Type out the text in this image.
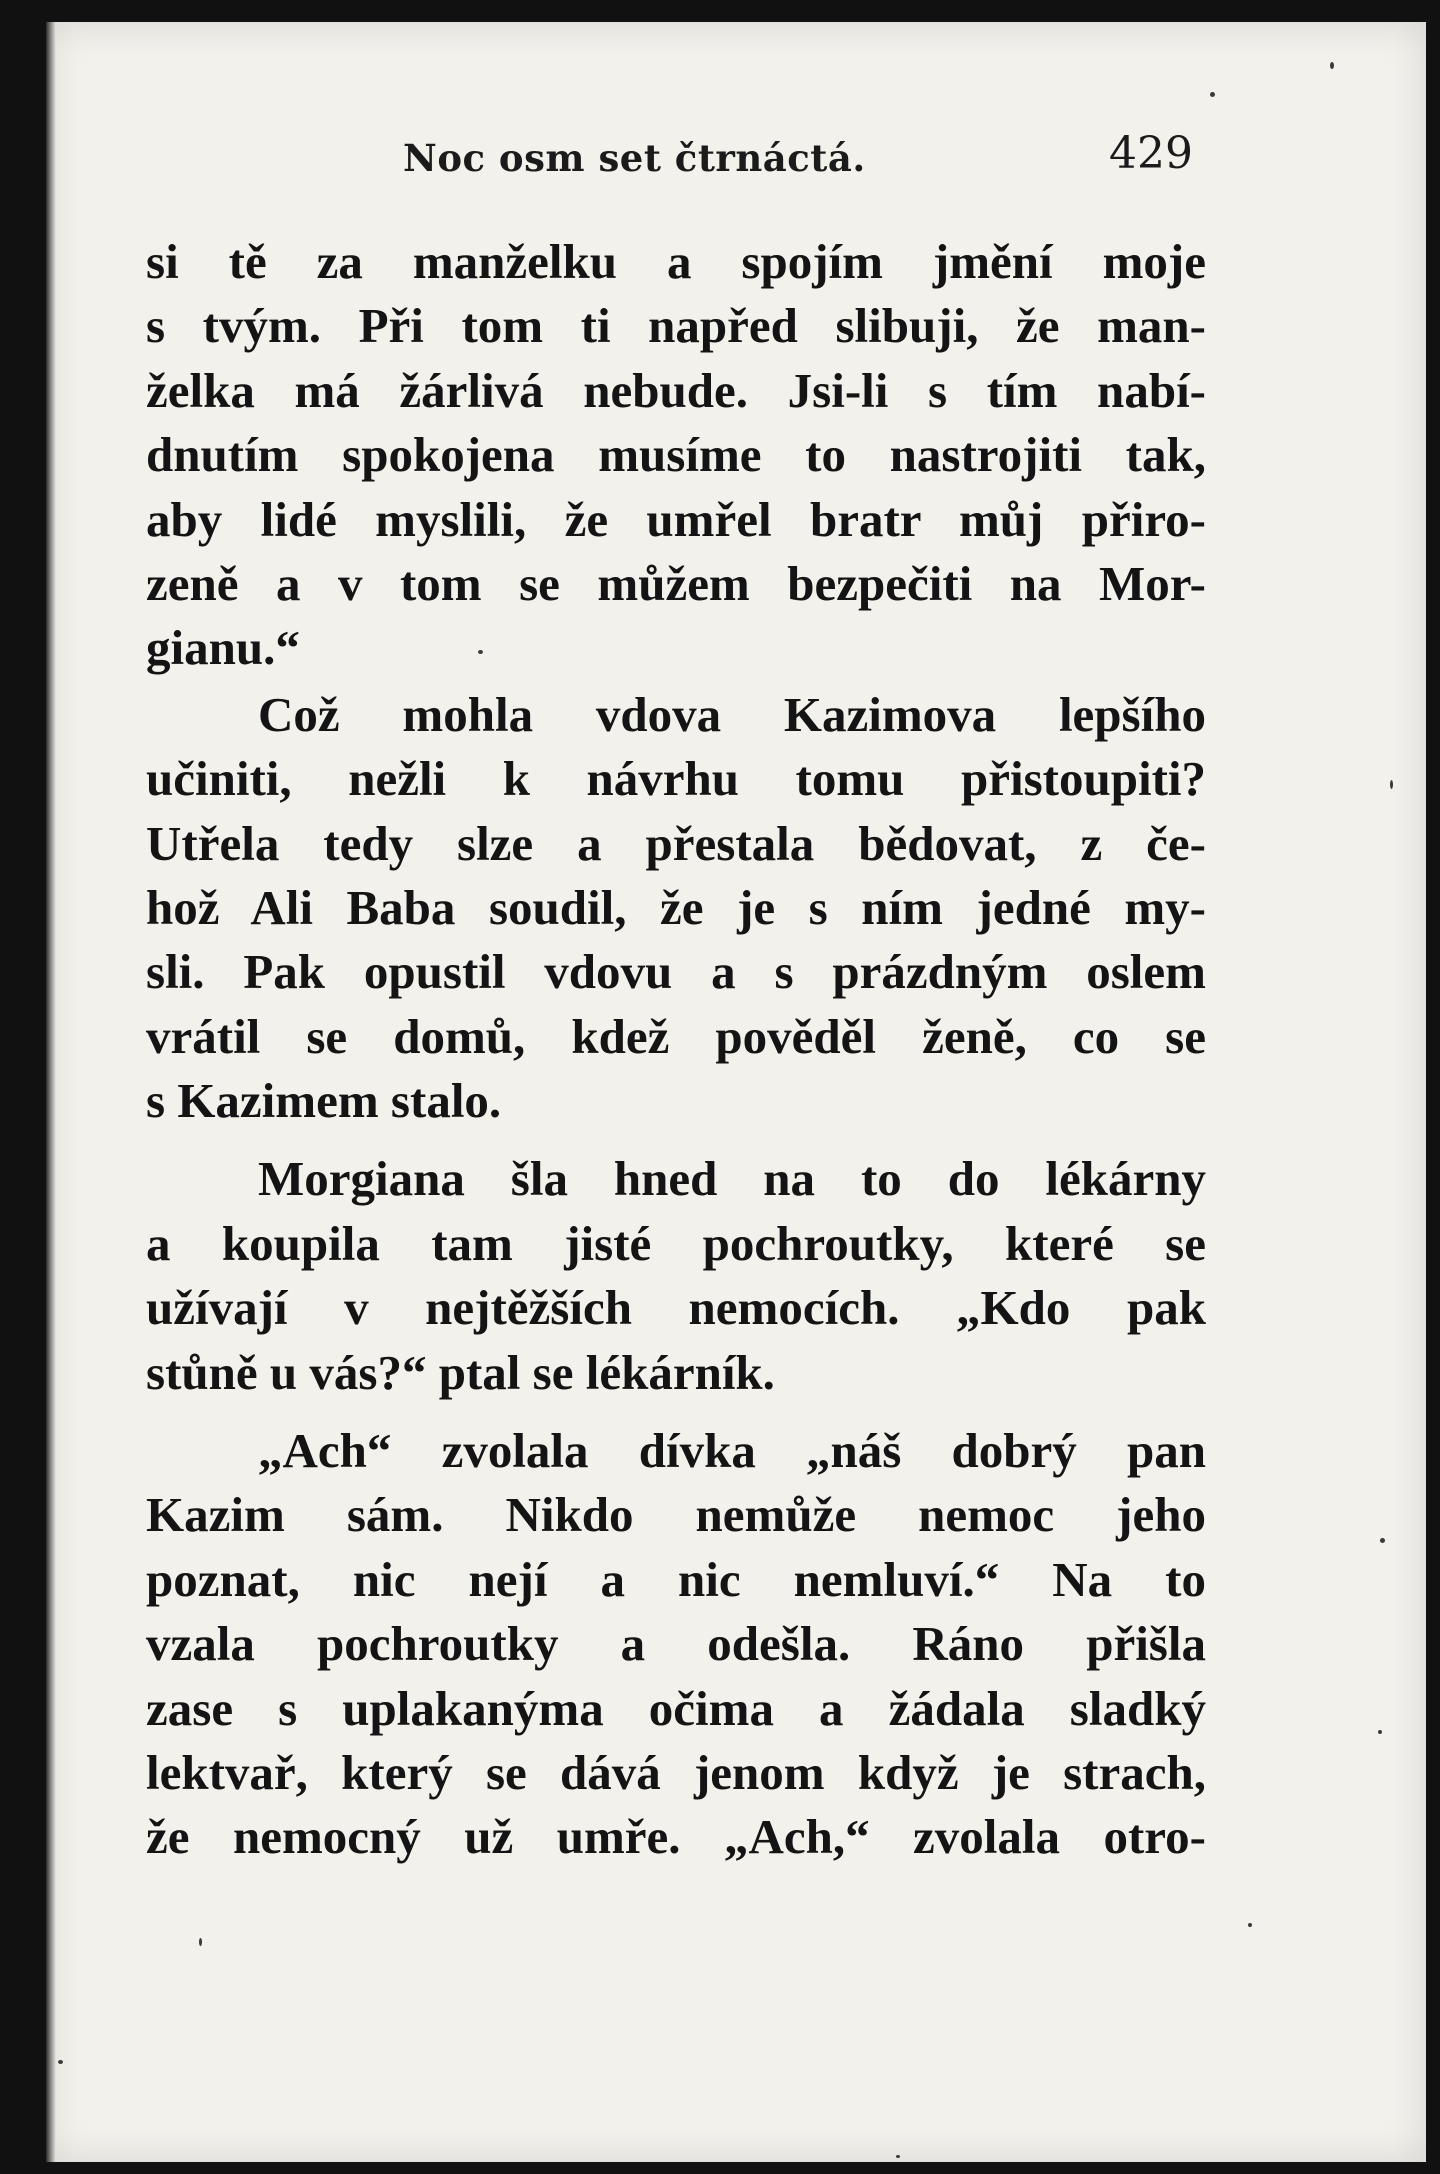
Noc osm set čtrnáctá.	429
si tě za manželku a spojím jmění moje
s tvým. Při tom ti napřed slibuji, že man-
želka má žárlivá nebude. Jsi-li s tím nabí-
dnutím spokojena musíme to nastrojiti tak,
aby lidé myslili, že umřel bratr můj přiro-
zeně a v tom se můžem bezpečiti na Mor-
gianu.“
Což mohla vdova Kazimova lepšího
učiniti, nežli k návrhu tomu přistoupiti?
Utřela tedy slze a přestala bědovat, z če-
hož Ali Baba soudil, že je s ním jedné my-
sli. Pak opustil vdovu a s prázdným oslem
vrátil se domů, kdež pověděl ženě, co se
s Kazimem stalo.
Morgiana šla hned na to do lékárny
a koupila tam jisté pochroutky, které se
užívají v nejtěžších nemocích. „Kdo pak
stůně u vás?“ ptal se lékárník.
„Ach“ zvolala dívka „náš dobrý pan
Kazim sám. Nikdo nemůže nemoc jeho
poznat, nic nejí a nic nemluví.“ Na to
vzala pochroutky a odešla. Ráno přišla
zase s uplakanýma očima a žádala sladký
lektvař, který se dává jenom když je strach,
že nemocný už umře. „Ach,“ zvolala otro-
